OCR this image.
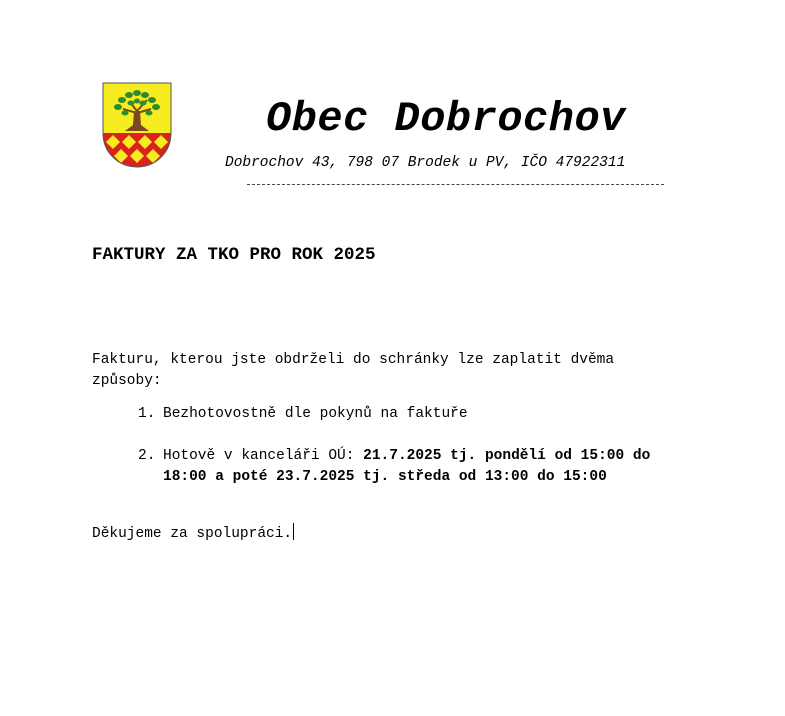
Obec Dobrochov
Dobrochov 43, 798 07 Brodek u PV, IČO 47922311
FAKTURY ZA TKO PRO ROK 2025
Fakturu, kterou jste obdrželi do schránky lze zaplatit dvěma způsoby:
1. Bezhotovostně dle pokynů na faktuře
2. Hotově v kanceláři OÚ: 21.7.2025 tj. pondělí od 15:00 do 18:00 a poté 23.7.2025 tj. středa od 13:00 do 15:00
Děkujeme za spolupráci.
